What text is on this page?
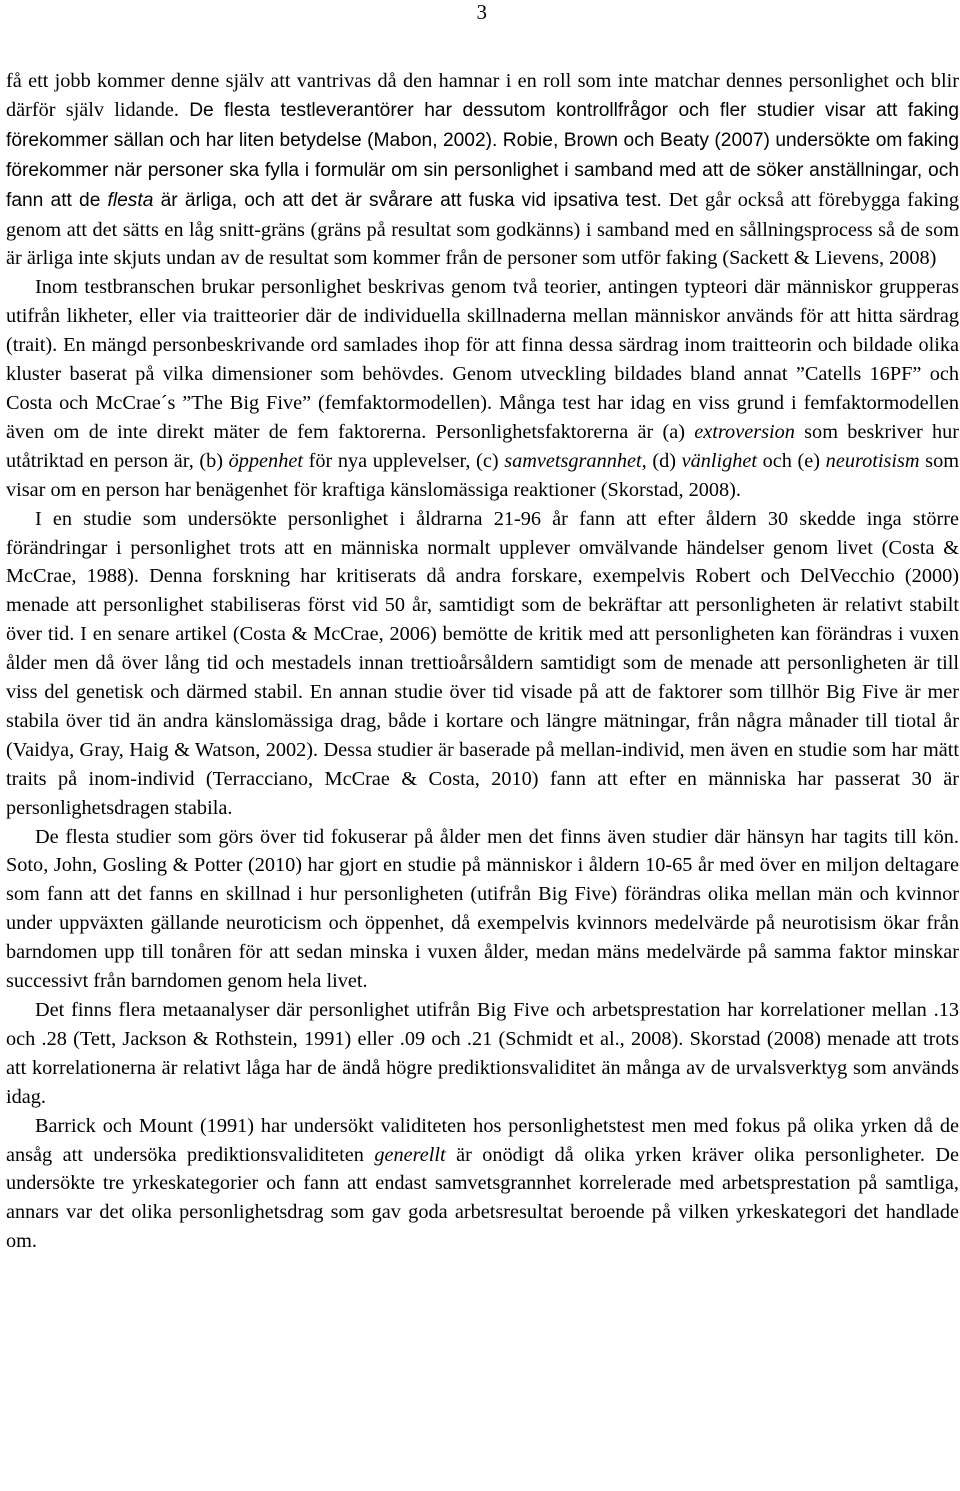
3

få ett jobb kommer denne själv att vantrivas då den hamnar i en roll som inte matchar dennes personlighet och blir därför själv lidande. De flesta testleverantörer har dessutom kontrollfrågor och fler studier visar att faking förekommer sällan och har liten betydelse (Mabon, 2002). Robie, Brown och Beaty (2007) undersökte om faking förekommer när personer ska fylla i formulär om sin personlighet i samband med att de söker anställningar, och fann att de flesta är ärliga, och att det är svårare att fuska vid ipsativa test. Det går också att förebygga faking genom att det sätts en låg snitt-gräns (gräns på resultat som godkänns) i samband med en sållningsprocess så de som är ärliga inte skjuts undan av de resultat som kommer från de personer som utför faking (Sackett & Lievens, 2008)

Inom testbranschen brukar personlighet beskrivas genom två teorier, antingen typteori där människor grupperas utifrån likheter, eller via traitteorier där de individuella skillnaderna mellan människor används för att hitta särdrag (trait). En mängd personbeskrivande ord samlades ihop för att finna dessa särdrag inom traitteorin och bildade olika kluster baserat på vilka dimensioner som behövdes. Genom utveckling bildades bland annat ”Catells 16PF” och Costa och McCrae´s ”The Big Five” (femfaktormodellen). Många test har idag en viss grund i femfaktormodellen även om de inte direkt mäter de fem faktorerna. Personlighetsfaktorerna är (a) extroversion som beskriver hur utåtriktad en person är, (b) öppenhet för nya upplevelser, (c) samvetsgrannhet, (d) vänlighet och (e) neurotisism som visar om en person har benägenhet för kraftiga känslomässiga reaktioner (Skorstad, 2008).

I en studie som undersökte personlighet i åldrarna 21-96 år fann att efter åldern 30 skedde inga större förändringar i personlighet trots att en människa normalt upplever omvälvande händelser genom livet (Costa & McCrae, 1988). Denna forskning har kritiserats då andra forskare, exempelvis Robert och DelVecchio (2000) menade att personlighet stabiliseras först vid 50 år, samtidigt som de bekräftar att personligheten är relativt stabilt över tid. I en senare artikel (Costa & McCrae, 2006) bemötte de kritik med att personligheten kan förändras i vuxen ålder men då över lång tid och mestadels innan trettioårsåldern samtidigt som de menade att personligheten är till viss del genetisk och därmed stabil. En annan studie över tid visade på att de faktorer som tillhör Big Five är mer stabila över tid än andra känslomässiga drag, både i kortare och längre mätningar, från några månader till tiotal år (Vaidya, Gray, Haig & Watson, 2002). Dessa studier är baserade på mellan-individ, men även en studie som har mätt traits på inom-individ (Terracciano, McCrae & Costa, 2010) fann att efter en människa har passerat 30 är personlighetsdragen stabila.

De flesta studier som görs över tid fokuserar på ålder men det finns även studier där hänsyn har tagits till kön. Soto, John, Gosling & Potter (2010) har gjort en studie på människor i åldern 10-65 år med över en miljon deltagare som fann att det fanns en skillnad i hur personligheten (utifrån Big Five) förändras olika mellan män och kvinnor under uppväxten gällande neuroticism och öppenhet, då exempelvis kvinnors medelvärde på neurotisism ökar från barndomen upp till tonåren för att sedan minska i vuxen ålder, medan mäns medelvärde på samma faktor minskar successivt från barndomen genom hela livet.

Det finns flera metaanalyser där personlighet utifrån Big Five och arbetsprestation har korrelationer mellan .13 och .28 (Tett, Jackson & Rothstein, 1991) eller .09 och .21 (Schmidt et al., 2008). Skorstad (2008) menade att trots att korrelationerna är relativt låga har de ändå högre prediktionsvaliditet än många av de urvalsverktyg som används idag.

Barrick och Mount (1991) har undersökt validiteten hos personlighetstest men med fokus på olika yrken då de ansåg att undersöka prediktionsvaliditeten generellt är onödigt då olika yrken kräver olika personligheter. De undersökte tre yrkeskategorier och fann att endast samvetsgrannhet korrelerade med arbetsprestation på samtliga, annars var det olika personlighetsdrag som gav goda arbetsresultat beroende på vilken yrkeskategori det handlade om.
